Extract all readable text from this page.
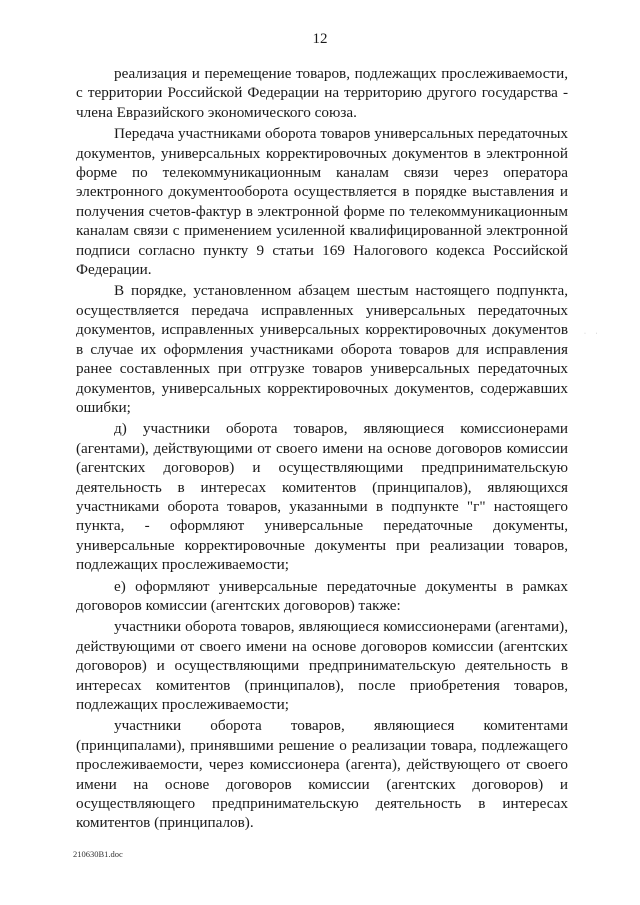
12

реализация и перемещение товаров, подлежащих прослеживаемости, с территории Российской Федерации на территорию другого государства - члена Евразийского экономического союза.

Передача участниками оборота товаров универсальных передаточных документов, универсальных корректировочных документов в электронной форме по телекоммуникационным каналам связи через оператора электронного документооборота осуществляется в порядке выставления и получения счетов-фактур в электронной форме по телекоммуникационным каналам связи с применением усиленной квалифицированной электронной подписи согласно пункту 9 статьи 169 Налогового кодекса Российской Федерации.

В порядке, установленном абзацем шестым настоящего подпункта, осуществляется передача исправленных универсальных передаточных документов, исправленных универсальных корректировочных документов в случае их оформления участниками оборота товаров для исправления ранее составленных при отгрузке товаров универсальных передаточных документов, универсальных корректировочных документов, содержавших ошибки;

д) участники оборота товаров, являющиеся комиссионерами (агентами), действующими от своего имени на основе договоров комиссии (агентских договоров) и осуществляющими предпринимательскую деятельность в интересах комитентов (принципалов), являющихся участниками оборота товаров, указанными в подпункте "г" настоящего пункта, - оформляют универсальные передаточные документы, универсальные корректировочные документы при реализации товаров, подлежащих прослеживаемости;

е) оформляют универсальные передаточные документы в рамках договоров комиссии (агентских договоров) также:

участники оборота товаров, являющиеся комиссионерами (агентами), действующими от своего имени на основе договоров комиссии (агентских договоров) и осуществляющими предпринимательскую деятельность в интересах комитентов (принципалов), после приобретения товаров, подлежащих прослеживаемости;

участники оборота товаров, являющиеся комитентами (принципалами), принявшими решение о реализации товара, подлежащего прослеживаемости, через комиссионера (агента), действующего от своего имени на основе договоров комиссии (агентских договоров) и осуществляющего предпринимательскую деятельность в интересах комитентов (принципалов).

· ·
210630B1.doc
